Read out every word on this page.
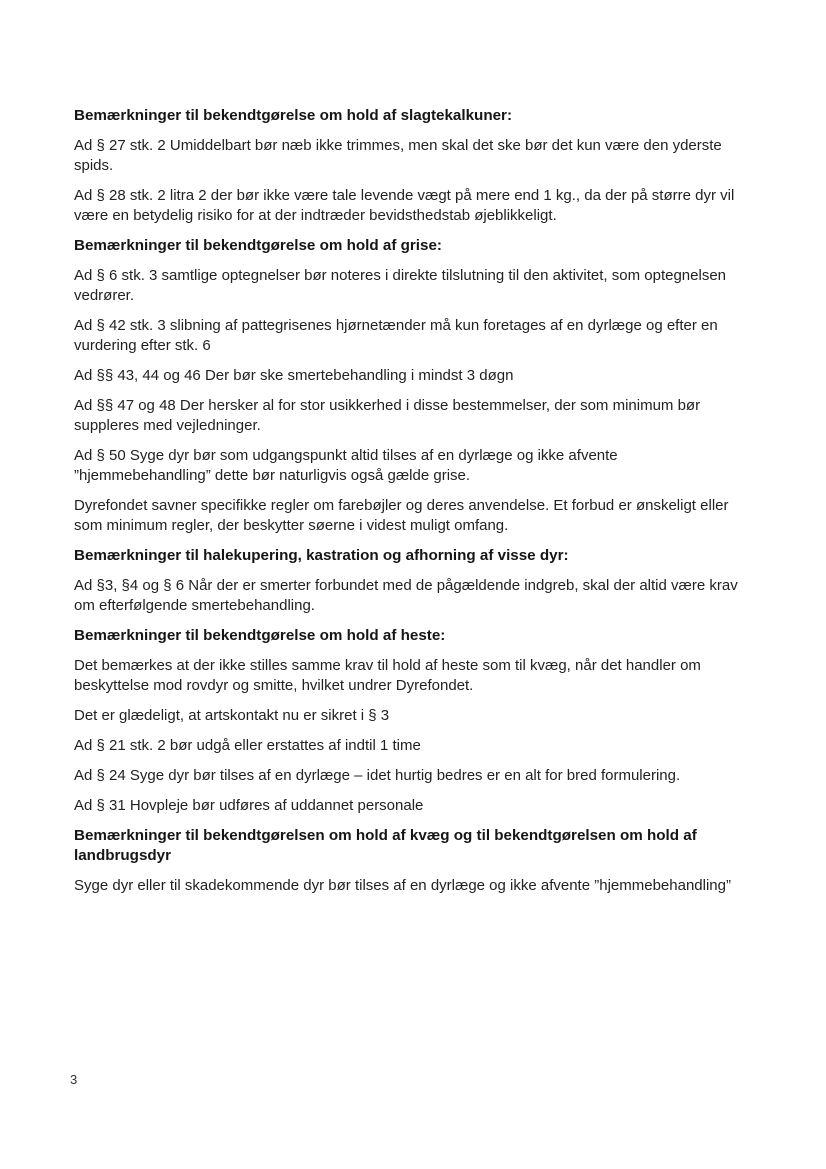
Bemærkninger til bekendtgørelse om hold af slagtekalkuner:

Ad § 27 stk. 2 Umiddelbart bør næb ikke trimmes, men skal det ske bør det kun være den yderste spids.

Ad § 28 stk. 2 litra 2 der bør ikke være tale levende vægt på mere end 1 kg., da der på større dyr vil være en betydelig risiko for at der indtræder bevidsthedstab øjeblikkeligt.

Bemærkninger til bekendtgørelse om hold af grise:

Ad § 6 stk. 3 samtlige optegnelser bør noteres i direkte tilslutning til den aktivitet, som optegnelsen vedrører.

Ad § 42 stk. 3 slibning af pattegrisenes hjørnetænder må kun foretages af en dyrlæge og efter en vurdering efter stk. 6

Ad §§ 43, 44 og 46 Der bør ske smertebehandling i mindst 3 døgn

Ad §§ 47 og 48 Der hersker al for stor usikkerhed i disse bestemmelser, der som minimum bør suppleres med vejledninger.

Ad § 50 Syge dyr bør som udgangspunkt altid tilses af en dyrlæge og ikke afvente ”hjemmebehandling” dette bør naturligvis også gælde grise.

Dyrefondet savner specifikke regler om farebøjler og deres anvendelse. Et forbud er ønskeligt eller som minimum regler, der beskytter søerne i videst muligt omfang.

Bemærkninger til halekupering, kastration og afhorning af visse dyr:

Ad §3, §4 og § 6 Når der er smerter forbundet med de pågældende indgreb, skal der altid være krav om efterfølgende smertebehandling.

Bemærkninger til bekendtgørelse om hold af heste:

Det bemærkes at der ikke stilles samme krav til hold af heste som til kvæg, når det handler om beskyttelse mod rovdyr og smitte, hvilket undrer Dyrefondet.

Det er glædeligt, at artskontakt nu er sikret i § 3

Ad § 21 stk. 2 bør udgå eller erstattes af indtil 1 time

Ad § 24 Syge dyr bør tilses af en dyrlæge – idet hurtig bedres er en alt for bred formulering.

Ad § 31 Hovpleje bør udføres af uddannet personale

Bemærkninger til bekendtgørelsen om hold af kvæg og til bekendtgørelsen om hold af landbrugsdyr

Syge dyr eller til skadekommende dyr bør tilses af en dyrlæge og ikke afvente ”hjemmebehandling”

3
